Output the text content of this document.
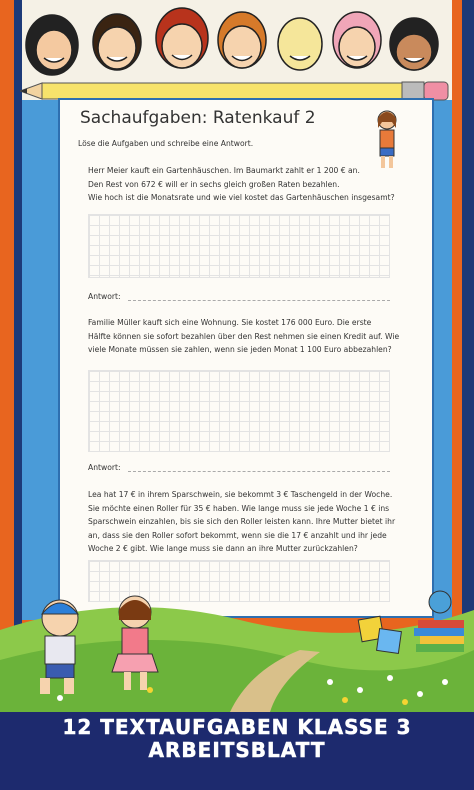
Sachaufgaben: Ratenkauf 2
Löse die Aufgaben und schreibe eine Antwort.
Herr Meier kauft ein Gartenhäuschen. Im Baumarkt zahlt er 1 200 € an.
Den Rest von 672 € will er in sechs gleich großen Raten bezahlen.
Wie hoch ist die Monatsrate und wie viel kostet das Gartenhäuschen insgesamt?
Antwort:
Familie Müller kauft sich eine Wohnung. Sie kostet 176 000 Euro. Die erste
Hälfte können sie sofort bezahlen über den Rest nehmen sie einen Kredit auf. Wie
viele Monate müssen sie zahlen, wenn sie jeden Monat 1 100 Euro abbezahlen?
Antwort:
Lea hat 17 € in ihrem Sparschwein, sie bekommt 3 € Taschengeld in der Woche.
Sie möchte einen Roller für 35 € haben. Wie lange muss sie jede Woche 1 € ins
Sparschwein einzahlen, bis sie sich den Roller leisten kann. Ihre Mutter bietet ihr
an, dass sie den Roller sofort bekommt, wenn sie die 17 € anzahlt und ihr jede
Woche 2 € gibt. Wie lange muss sie dann an ihre Mutter zurückzahlen?
12 TEXTAUFGABEN KLASSE 3
ARBEITSBLATT
